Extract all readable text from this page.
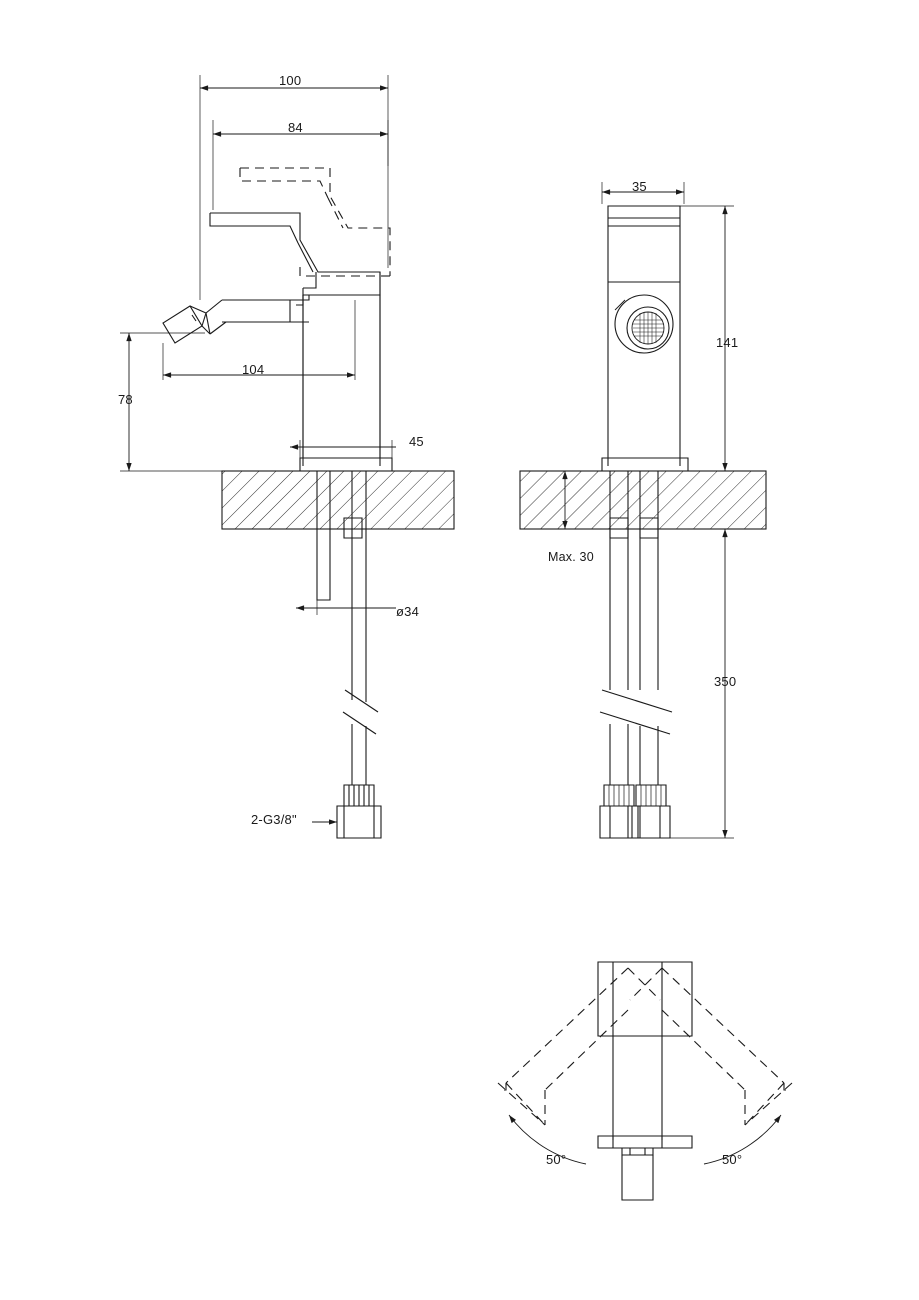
100
84
104
78
45
ø34
2-G3/8"
35
141
Max. 30
350
50°	50°
